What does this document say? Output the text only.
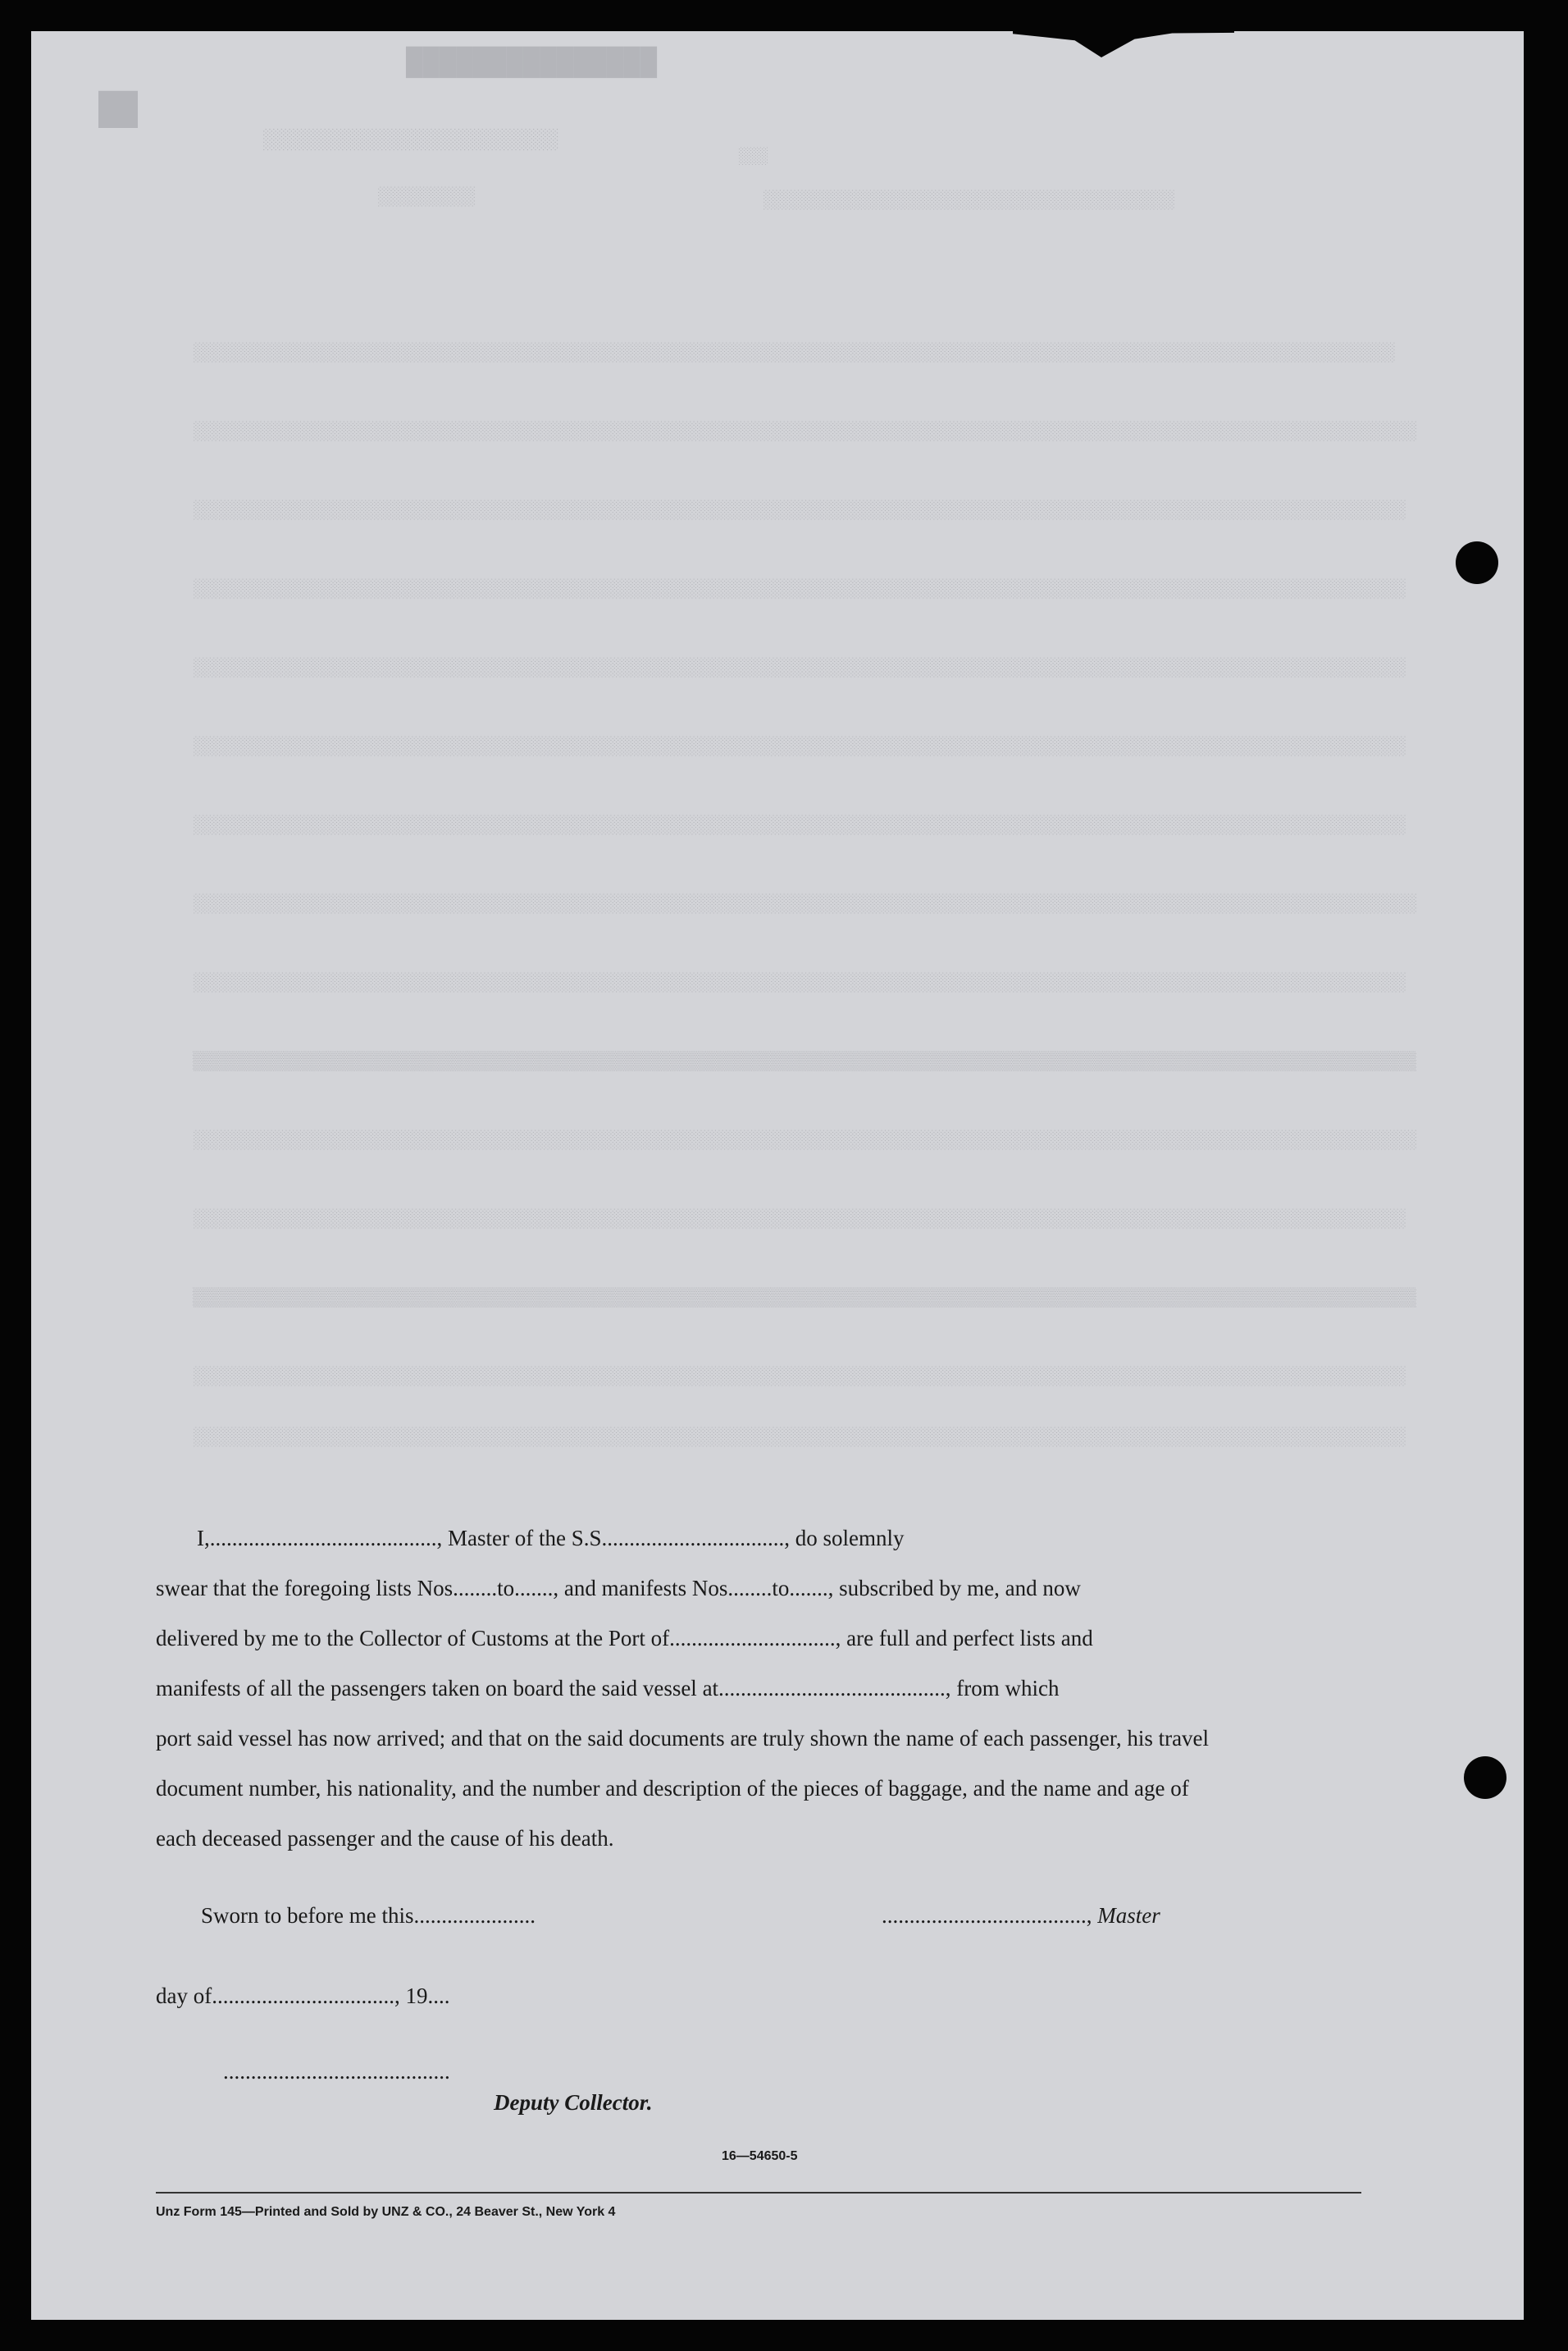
███████████████
██
░░░░░░░░░░░░░░░░░░░░░░░░░
░░░
░░░░░░░░░	░░░░░░░░░░░░░░░░░░░░░░░░░░░░░░░░░░░░░░
░░░░░░░░░░░░░░░░░░░░░░░░░░░░░░░░░░░░░░░░░░░░░░░░░░░░░░░░░░░░░░░░░░░░░░░░░░░░░░░░░░░░░░░░░░░░░░░░░░░░░░░░░░░░░░░
░░░░░░░░░░░░░░░░░░░░░░░░░░░░░░░░░░░░░░░░░░░░░░░░░░░░░░░░░░░░░░░░░░░░░░░░░░░░░░░░░░░░░░░░░░░░░░░░░░░░░░░░░░░░░░░░░
░░░░░░░░░░░░░░░░░░░░░░░░░░░░░░░░░░░░░░░░░░░░░░░░░░░░░░░░░░░░░░░░░░░░░░░░░░░░░░░░░░░░░░░░░░░░░░░░░░░░░░░░░░░░░░░░
░░░░░░░░░░░░░░░░░░░░░░░░░░░░░░░░░░░░░░░░░░░░░░░░░░░░░░░░░░░░░░░░░░░░░░░░░░░░░░░░░░░░░░░░░░░░░░░░░░░░░░░░░░░░░░░░
░░░░░░░░░░░░░░░░░░░░░░░░░░░░░░░░░░░░░░░░░░░░░░░░░░░░░░░░░░░░░░░░░░░░░░░░░░░░░░░░░░░░░░░░░░░░░░░░░░░░░░░░░░░░░░░░
░░░░░░░░░░░░░░░░░░░░░░░░░░░░░░░░░░░░░░░░░░░░░░░░░░░░░░░░░░░░░░░░░░░░░░░░░░░░░░░░░░░░░░░░░░░░░░░░░░░░░░░░░░░░░░░░
░░░░░░░░░░░░░░░░░░░░░░░░░░░░░░░░░░░░░░░░░░░░░░░░░░░░░░░░░░░░░░░░░░░░░░░░░░░░░░░░░░░░░░░░░░░░░░░░░░░░░░░░░░░░░░░░
░░░░░░░░░░░░░░░░░░░░░░░░░░░░░░░░░░░░░░░░░░░░░░░░░░░░░░░░░░░░░░░░░░░░░░░░░░░░░░░░░░░░░░░░░░░░░░░░░░░░░░░░░░░░░░░░░
░░░░░░░░░░░░░░░░░░░░░░░░░░░░░░░░░░░░░░░░░░░░░░░░░░░░░░░░░░░░░░░░░░░░░░░░░░░░░░░░░░░░░░░░░░░░░░░░░░░░░░░░░░░░░░░░
▒▒▒▒▒▒▒▒▒▒▒▒▒▒▒▒▒▒▒▒▒▒▒▒▒▒▒▒▒▒▒▒▒▒▒▒▒▒▒▒▒▒▒▒▒▒▒▒▒▒▒▒▒▒▒▒▒▒▒▒▒▒▒▒▒▒▒▒▒▒▒▒▒▒▒▒▒▒▒▒▒▒▒▒▒▒▒▒▒▒▒▒▒▒▒▒▒▒▒▒▒▒▒▒▒▒▒▒▒▒▒▒▒
░░░░░░░░░░░░░░░░░░░░░░░░░░░░░░░░░░░░░░░░░░░░░░░░░░░░░░░░░░░░░░░░░░░░░░░░░░░░░░░░░░░░░░░░░░░░░░░░░░░░░░░░░░░░░░░░░
░░░░░░░░░░░░░░░░░░░░░░░░░░░░░░░░░░░░░░░░░░░░░░░░░░░░░░░░░░░░░░░░░░░░░░░░░░░░░░░░░░░░░░░░░░░░░░░░░░░░░░░░░░░░░░░░
▒▒▒▒▒▒▒▒▒▒▒▒▒▒▒▒▒▒▒▒▒▒▒▒▒▒▒▒▒▒▒▒▒▒▒▒▒▒▒▒▒▒▒▒▒▒▒▒▒▒▒▒▒▒▒▒▒▒▒▒▒▒▒▒▒▒▒▒▒▒▒▒▒▒▒▒▒▒▒▒▒▒▒▒▒▒▒▒▒▒▒▒▒▒▒▒▒▒▒▒▒▒▒▒▒▒▒▒▒▒▒▒▒
░░░░░░░░░░░░░░░░░░░░░░░░░░░░░░░░░░░░░░░░░░░░░░░░░░░░░░░░░░░░░░░░░░░░░░░░░░░░░░░░░░░░░░░░░░░░░░░░░░░░░░░░░░░░░░░░
░░░░░░░░░░░░░░░░░░░░░░░░░░░░░░░░░░░░░░░░░░░░░░░░░░░░░░░░░░░░░░░░░░░░░░░░░░░░░░░░░░░░░░░░░░░░░░░░░░░░░░░░░░░░░░░░
I,........................................., Master of the S.S................................., do solemnly
swear that the foregoing lists Nos........to......., and manifests Nos........to......., subscribed by me, and now
delivered by me to the Collector of Customs at the Port of.............................., are full and perfect lists and
manifests of all the passengers taken on board the said vessel at........................................., from which
port said vessel has now arrived; and that on the said documents are truly shown the name of each passenger, his travel
document number, his nationality, and the number and description of the pieces of baggage, and the name and age of
each deceased passenger and the cause of his death.
Sworn to before me this......................	....................................., Master
day of................................., 19....
.........................................
Deputy Collector.
16—54650-5
Unz Form 145—Printed and Sold by UNZ & CO., 24 Beaver St., New York 4
